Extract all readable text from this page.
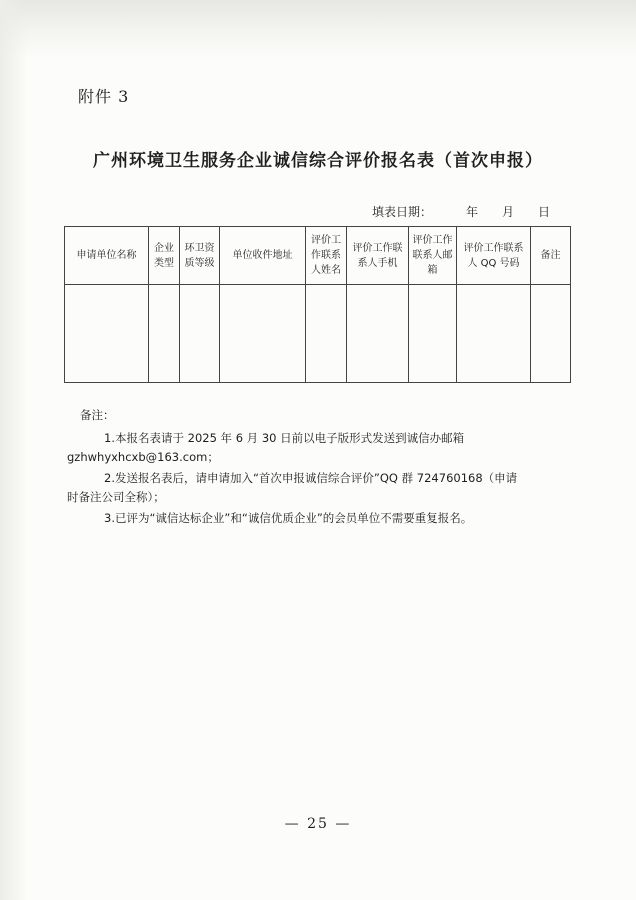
附件 3
广州环境卫生服务企业诚信综合评价报名表（首次申报）
填表日期：	年 月 日
申请单位名称	企业类型	环卫资质等级	单位收件地址	评价工作联系人姓名	评价工作联系人手机	评价工作联系人邮箱	评价工作联系人 QQ 号码	备注

备注：

1.本报名表请于 2025 年 6 月 30 日前以电子版形式发送到诚信办邮箱

gzhwhyxhcxb@163.com；

2.发送报名表后，请申请加入“首次申报诚信综合评价”QQ 群 724760168（申请

时备注公司全称）；

3.已评为“诚信达标企业”和“诚信优质企业”的会员单位不需要重复报名。

— 25 —
